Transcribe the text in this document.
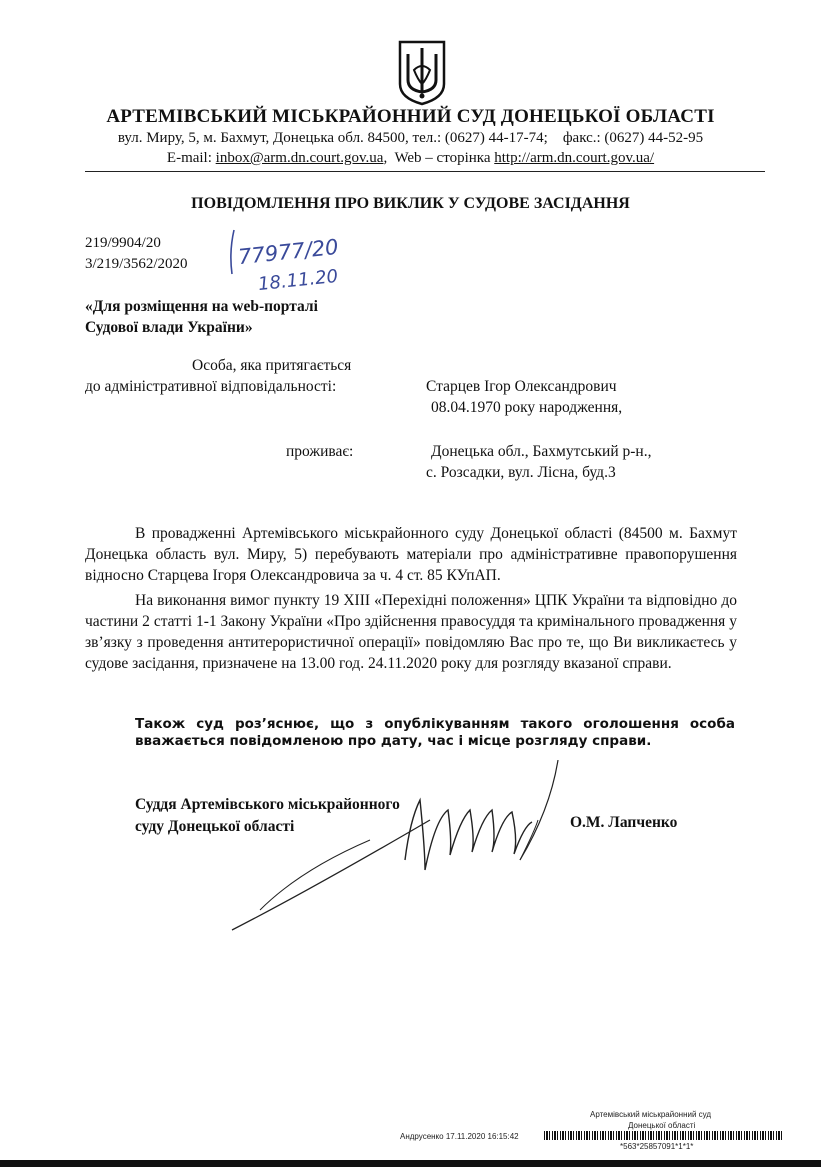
АРТЕМІВСЬКИЙ МІСЬКРАЙОННИЙ СУД ДОНЕЦЬКОЇ ОБЛАСТІ
вул. Миру, 5, м. Бахмут, Донецька обл. 84500, тел.: (0627) 44-17-74;    факс.: (0627) 44-52-95
E-mail: inbox@arm.dn.court.gov.ua,  Web – сторінка http://arm.dn.court.gov.ua/
ПОВІДОМЛЕННЯ ПРО ВИКЛИК У СУДОВЕ ЗАСІДАННЯ
219/9904/20
3/219/3562/2020 77977/20
18.11.20
«Для розміщення на web-порталі
Судової влади України»
Особа, яка притягається
до адміністративної відповідальності:	Старцев Ігор Олександрович
08.04.1970 року народження,
проживає:	Донецька обл., Бахмутський р-н.,
с. Розсадки, вул. Лісна, буд.3
В провадженні Артемівського міськрайонного суду Донецької області (84500 м. Бахмут Донецька область вул. Миру, 5) перебувають матеріали про адміністративне правопорушення відносно Старцева Ігоря Олександровича за ч. 4 ст. 85 КУпАП.
На виконання вимог пункту 19 ХІІІ «Перехідні положення» ЦПК України та відповідно до частини 2 статті 1-1 Закону України «Про здійснення правосуддя та кримінального провадження у зв’язку з проведення антитерористичної операції» повідомляю Вас про те, що Ви викликаєтесь у судове засідання, призначене на 13.00 год. 24.11.2020 року для розгляду вказаної справи.
Також суд роз’яснює, що з опублікуванням такого оголошення особа вважається повідомленою про дату, час і місце розгляду справи.
Суддя Артемівського міськрайонного
суду Донецької області	О.М. Лапченко
Артемівський міськрайонний суд
Донецької області
Андрусенко 17.11.2020 16:15:42
*563*25857091*1*1*
